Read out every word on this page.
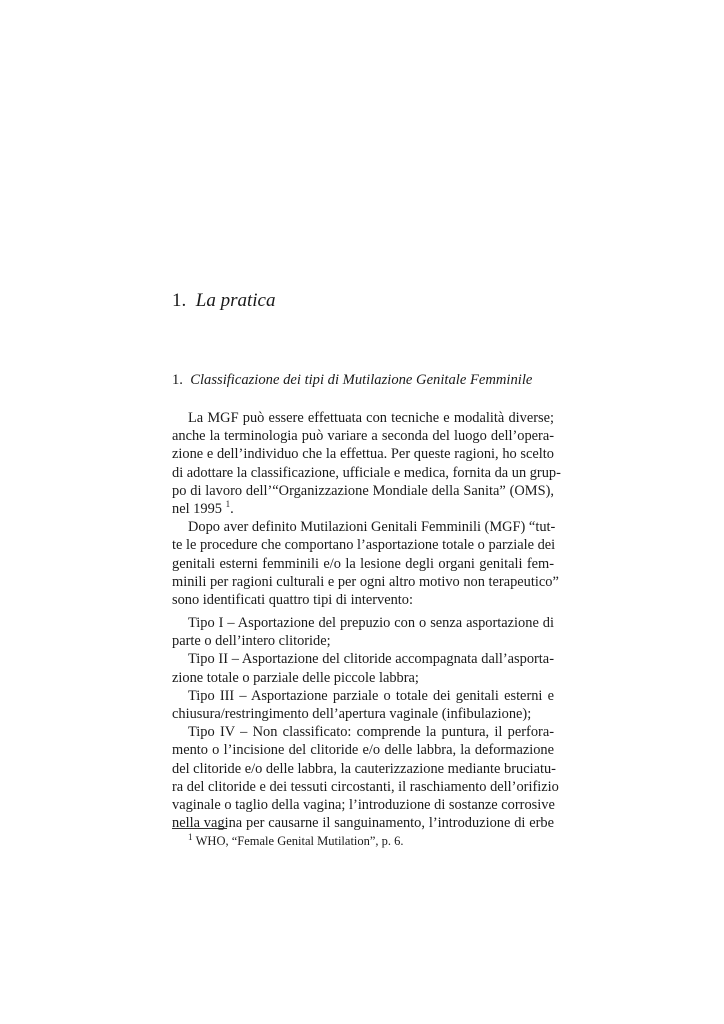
1. La pratica
1. Classificazione dei tipi di Mutilazione Genitale Femminile
La MGF può essere effettuata con tecniche e modalità diverse;
anche la terminologia può variare a seconda del luogo dell’opera-
zione e dell’individuo che la effettua. Per queste ragioni, ho scelto
di adottare la classificazione, ufficiale e medica, fornita da un grup-
po di lavoro dell’“Organizzazione Mondiale della Sanita” (OMS),
nel 1995 $^1$.
Dopo aver definito Mutilazioni Genitali Femminili (MGF) “tut-
te le procedure che comportano l’asportazione totale o parziale dei
genitali esterni femminili e/o la lesione degli organi genitali fem-
minili per ragioni culturali e per ogni altro motivo non terapeutico”
sono identificati quattro tipi di intervento:
Tipo I – Asportazione del prepuzio con o senza asportazione di
parte o dell’intero clitoride;
Tipo II – Asportazione del clitoride accompagnata dall’asporta-
zione totale o parziale delle piccole labbra;
Tipo III – Asportazione parziale o totale dei genitali esterni e
chiusura/restringimento dell’apertura vaginale (infibulazione);
Tipo IV – Non classificato: comprende la puntura, il perfora-
mento o l’incisione del clitoride e/o delle labbra, la deformazione
del clitoride e/o delle labbra, la cauterizzazione mediante bruciatu-
ra del clitoride e dei tessuti circostanti, il raschiamento dell’orifizio
vaginale o taglio della vagina; l’introduzione di sostanze corrosive
nella vagina per causarne il sanguinamento, l’introduzione di erbe
$^1$ WHO, “Female Genital Mutilation”, p. 6.
